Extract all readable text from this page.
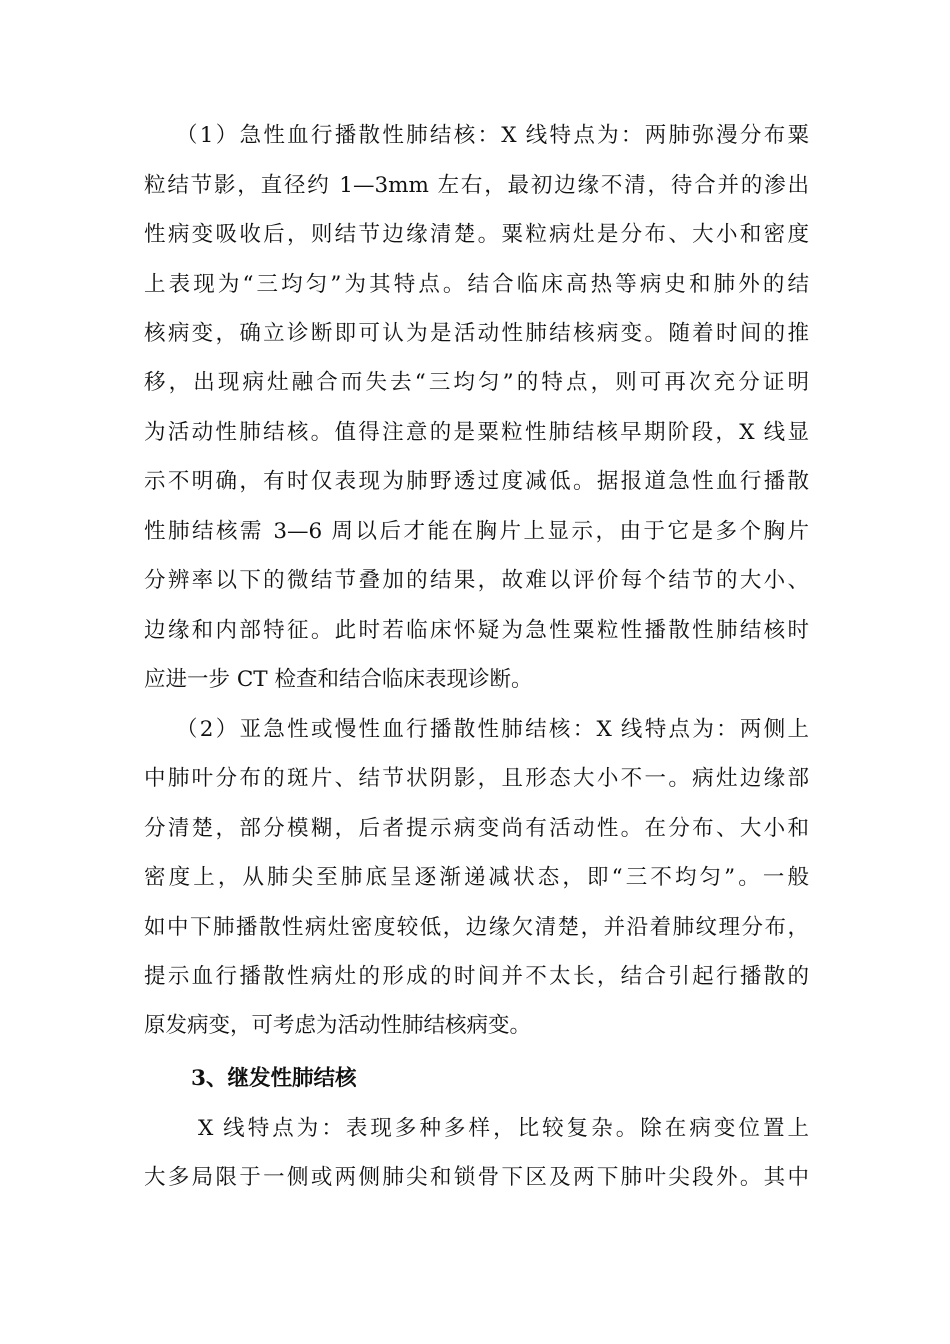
（1）急性血行播散性肺结核：X 线特点为：两肺弥漫分布粟
粒结节影，直径约 1—3mm 左右，最初边缘不清，待合并的渗出
性病变吸收后，则结节边缘清楚。粟粒病灶是分布、大小和密度
上表现为“三均匀”为其特点。结合临床高热等病史和肺外的结
核病变，确立诊断即可认为是活动性肺结核病变。随着时间的推
移，出现病灶融合而失去“三均匀”的特点，则可再次充分证明
为活动性肺结核。值得注意的是粟粒性肺结核早期阶段，X 线显
示不明确，有时仅表现为肺野透过度减低。据报道急性血行播散
性肺结核需 3—6 周以后才能在胸片上显示，由于它是多个胸片
分辨率以下的微结节叠加的结果，故难以评价每个结节的大小、
边缘和内部特征。此时若临床怀疑为急性粟粒性播散性肺结核时
应进一步 CT 检查和结合临床表现诊断。
（2）亚急性或慢性血行播散性肺结核：X 线特点为：两侧上
中肺叶分布的斑片、结节状阴影，且形态大小不一。病灶边缘部
分清楚，部分模糊，后者提示病变尚有活动性。在分布、大小和
密度上，从肺尖至肺底呈逐渐递减状态，即“三不均匀”。一般
如中下肺播散性病灶密度较低，边缘欠清楚，并沿着肺纹理分布，
提示血行播散性病灶的形成的时间并不太长，结合引起行播散的
原发病变，可考虑为活动性肺结核病变。
3、继发性肺结核
X 线特点为：表现多种多样，比较复杂。除在病变位置上
大多局限于一侧或两侧肺尖和锁骨下区及两下肺叶尖段外。其中
